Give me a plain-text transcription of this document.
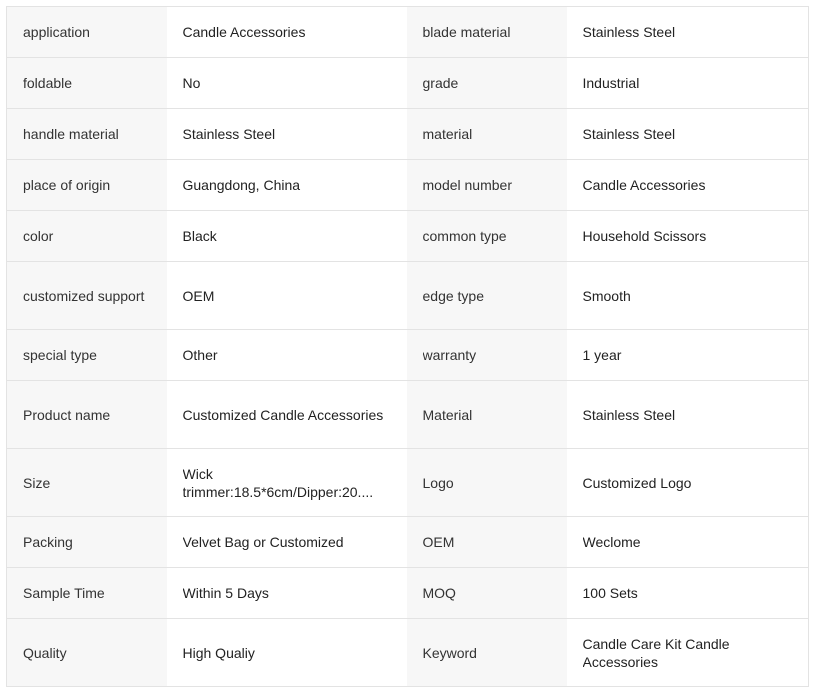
application	Candle Accessories	blade material	Stainless Steel

foldable	No	grade	Industrial

handle material	Stainless Steel	material	Stainless Steel

place of origin	Guangdong, China	model number	Candle Accessories

color	Black	common type	Household Scissors

customized support	OEM	edge type	Smooth

special type	Other	warranty	1 year

Product name	Customized Candle Accessories	Material	Stainless Steel

Size	Wick trimmer:18.5*6cm/Dipper:20....	Logo	Customized Logo

Packing	Velvet Bag or Customized	OEM	Weclome

Sample Time	Within 5 Days	MOQ	100 Sets

Quality	High Qualiy	Keyword	Candle Care Kit Candle Accessories
